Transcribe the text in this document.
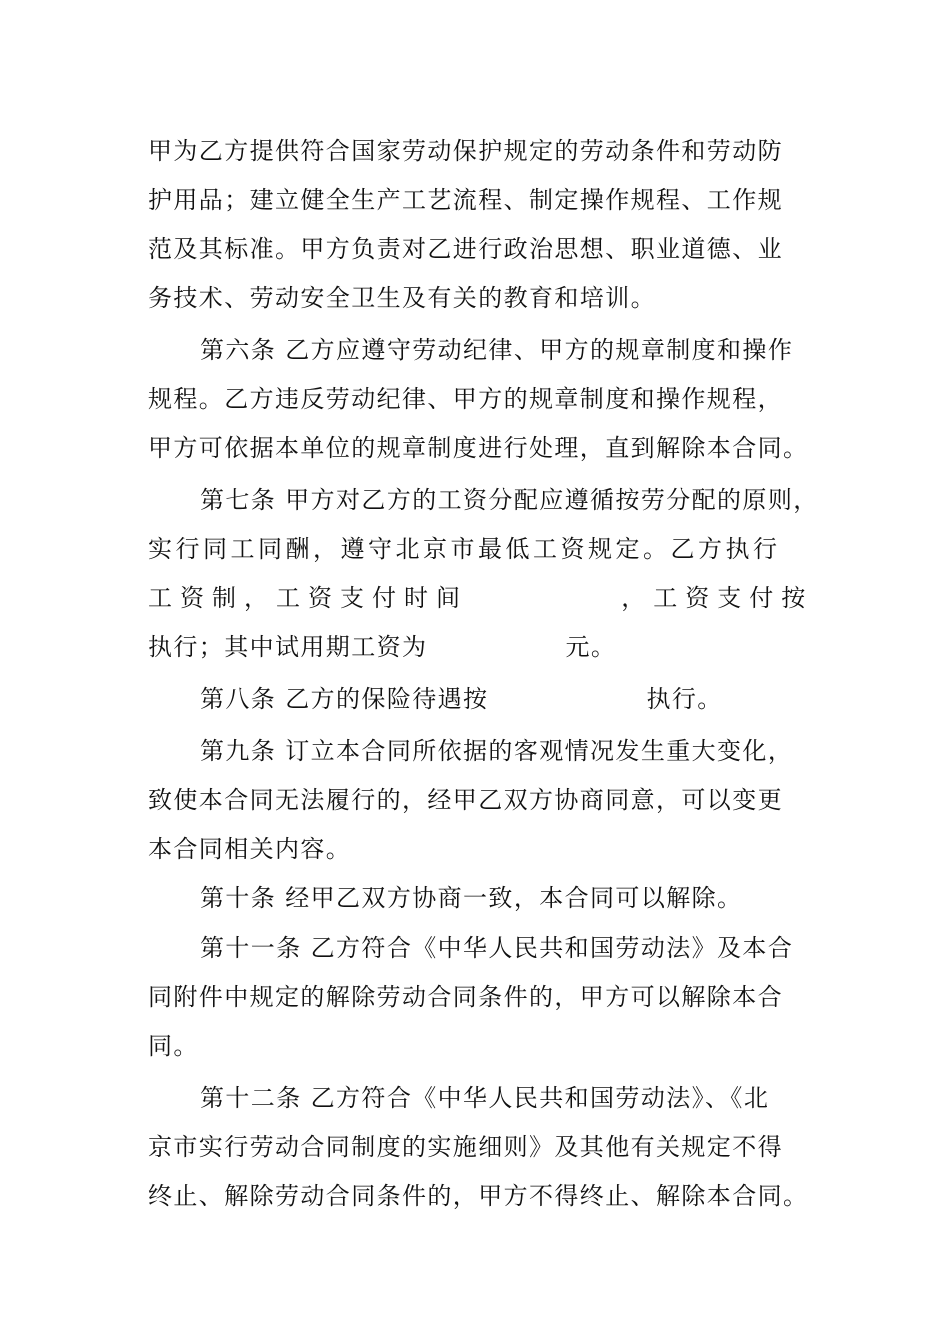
甲为乙方提供符合国家劳动保护规定的劳动条件和劳动防
护用品；建立健全生产工艺流程、制定操作规程、工作规
范及其标准。甲方负责对乙进行政治思想、职业道德、业
务技术、劳动安全卫生及有关的教育和培训。
第六条 乙方应遵守劳动纪律、甲方的规章制度和操作
规程。乙方违反劳动纪律、甲方的规章制度和操作规程，
甲方可依据本单位的规章制度进行处理，直到解除本合同。
第七条 甲方对乙方的工资分配应遵循按劳分配的原则，
实行同工同酬，遵守北京市最低工资规定。乙方执行
工资制，工资支付时间	，工资支付按
执行；其中试用期工资为	元。
第八条 乙方的保险待遇按	执行。
第九条 订立本合同所依据的客观情况发生重大变化，
致使本合同无法履行的，经甲乙双方协商同意，可以变更
本合同相关内容。
第十条 经甲乙双方协商一致，本合同可以解除。
第十一条 乙方符合《中华人民共和国劳动法》及本合
同附件中规定的解除劳动合同条件的，甲方可以解除本合
同。
第十二条 乙方符合《中华人民共和国劳动法》、《北
京市实行劳动合同制度的实施细则》及其他有关规定不得
终止、解除劳动合同条件的，甲方不得终止、解除本合同。
